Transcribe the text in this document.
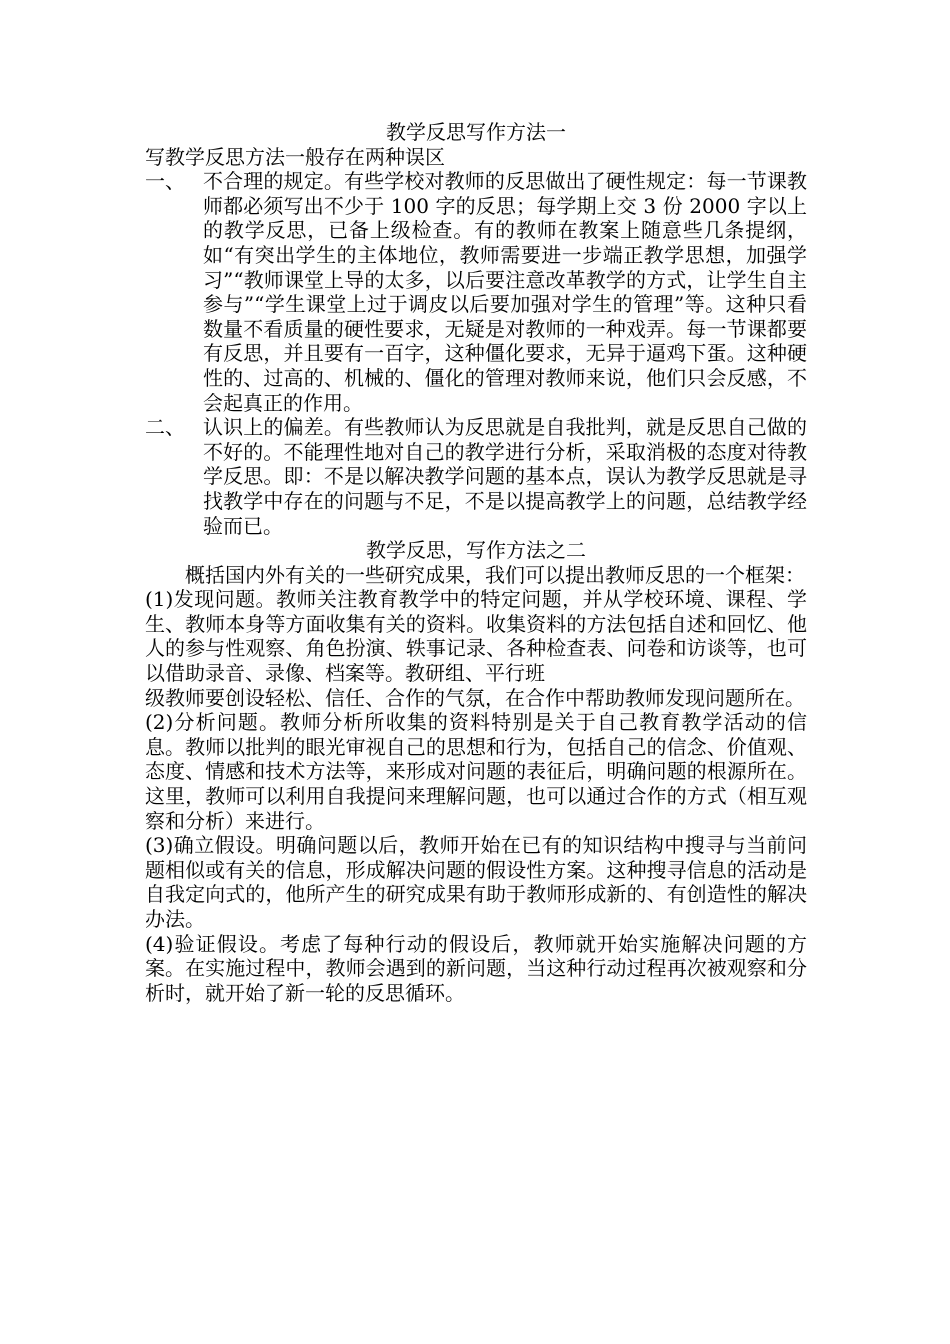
教学反思写作方法一

写教学反思方法一般存在两种误区

一、 不合理的规定。有些学校对教师的反思做出了硬性规定：每一节课教师都必须写出不少于 100 字的反思；每学期上交 3 份 2000 字以上的教学反思，已备上级检查。有的教师在教案上随意些几条提纲，如“有突出学生的主体地位，教师需要进一步端正教学思想，加强学习”“教师课堂上导的太多，以后要注意改革教学的方式，让学生自主参与”“学生课堂上过于调皮以后要加强对学生的管理”等。这种只看数量不看质量的硬性要求，无疑是对教师的一种戏弄。每一节课都要有反思，并且要有一百字，这种僵化要求，无异于逼鸡下蛋。这种硬性的、过高的、机械的、僵化的管理对教师来说，他们只会反感，不会起真正的作用。
二、 认识上的偏差。有些教师认为反思就是自我批判，就是反思自己做的不好的。不能理性地对自己的教学进行分析，采取消极的态度对待教学反思。即：不是以解决教学问题的基本点，误认为教学反思就是寻找教学中存在的问题与不足，不是以提高教学上的问题，总结教学经验而已。

教学反思，写作方法之二

概括国内外有关的一些研究成果，我们可以提出教师反思的一个框架：

(1)发现问题。教师关注教育教学中的特定问题，并从学校环境、课程、学生、教师本身等方面收集有关的资料。收集资料的方法包括自述和回忆、他人的参与性观察、角色扮演、轶事记录、各种检查表、问卷和访谈等，也可以借助录音、录像、档案等。教研组、平行班

级教师要创设轻松、信任、合作的气氛，在合作中帮助教师发现问题所在。

(2)分析问题。教师分析所收集的资料特别是关于自己教育教学活动的信息。教师以批判的眼光审视自己的思想和行为，包括自己的信念、价值观、态度、情感和技术方法等，来形成对问题的表征后，明确问题的根源所在。这里，教师可以利用自我提问来理解问题，也可以通过合作的方式（相互观察和分析）来进行。

(3)确立假设。明确问题以后，教师开始在已有的知识结构中搜寻与当前问题相似或有关的信息，形成解决问题的假设性方案。这种搜寻信息的活动是自我定向式的，他所产生的研究成果有助于教师形成新的、有创造性的解决办法。

(4)验证假设。考虑了每种行动的假设后，教师就开始实施解决问题的方案。在实施过程中，教师会遇到的新问题，当这种行动过程再次被观察和分析时，就开始了新一轮的反思循环。
